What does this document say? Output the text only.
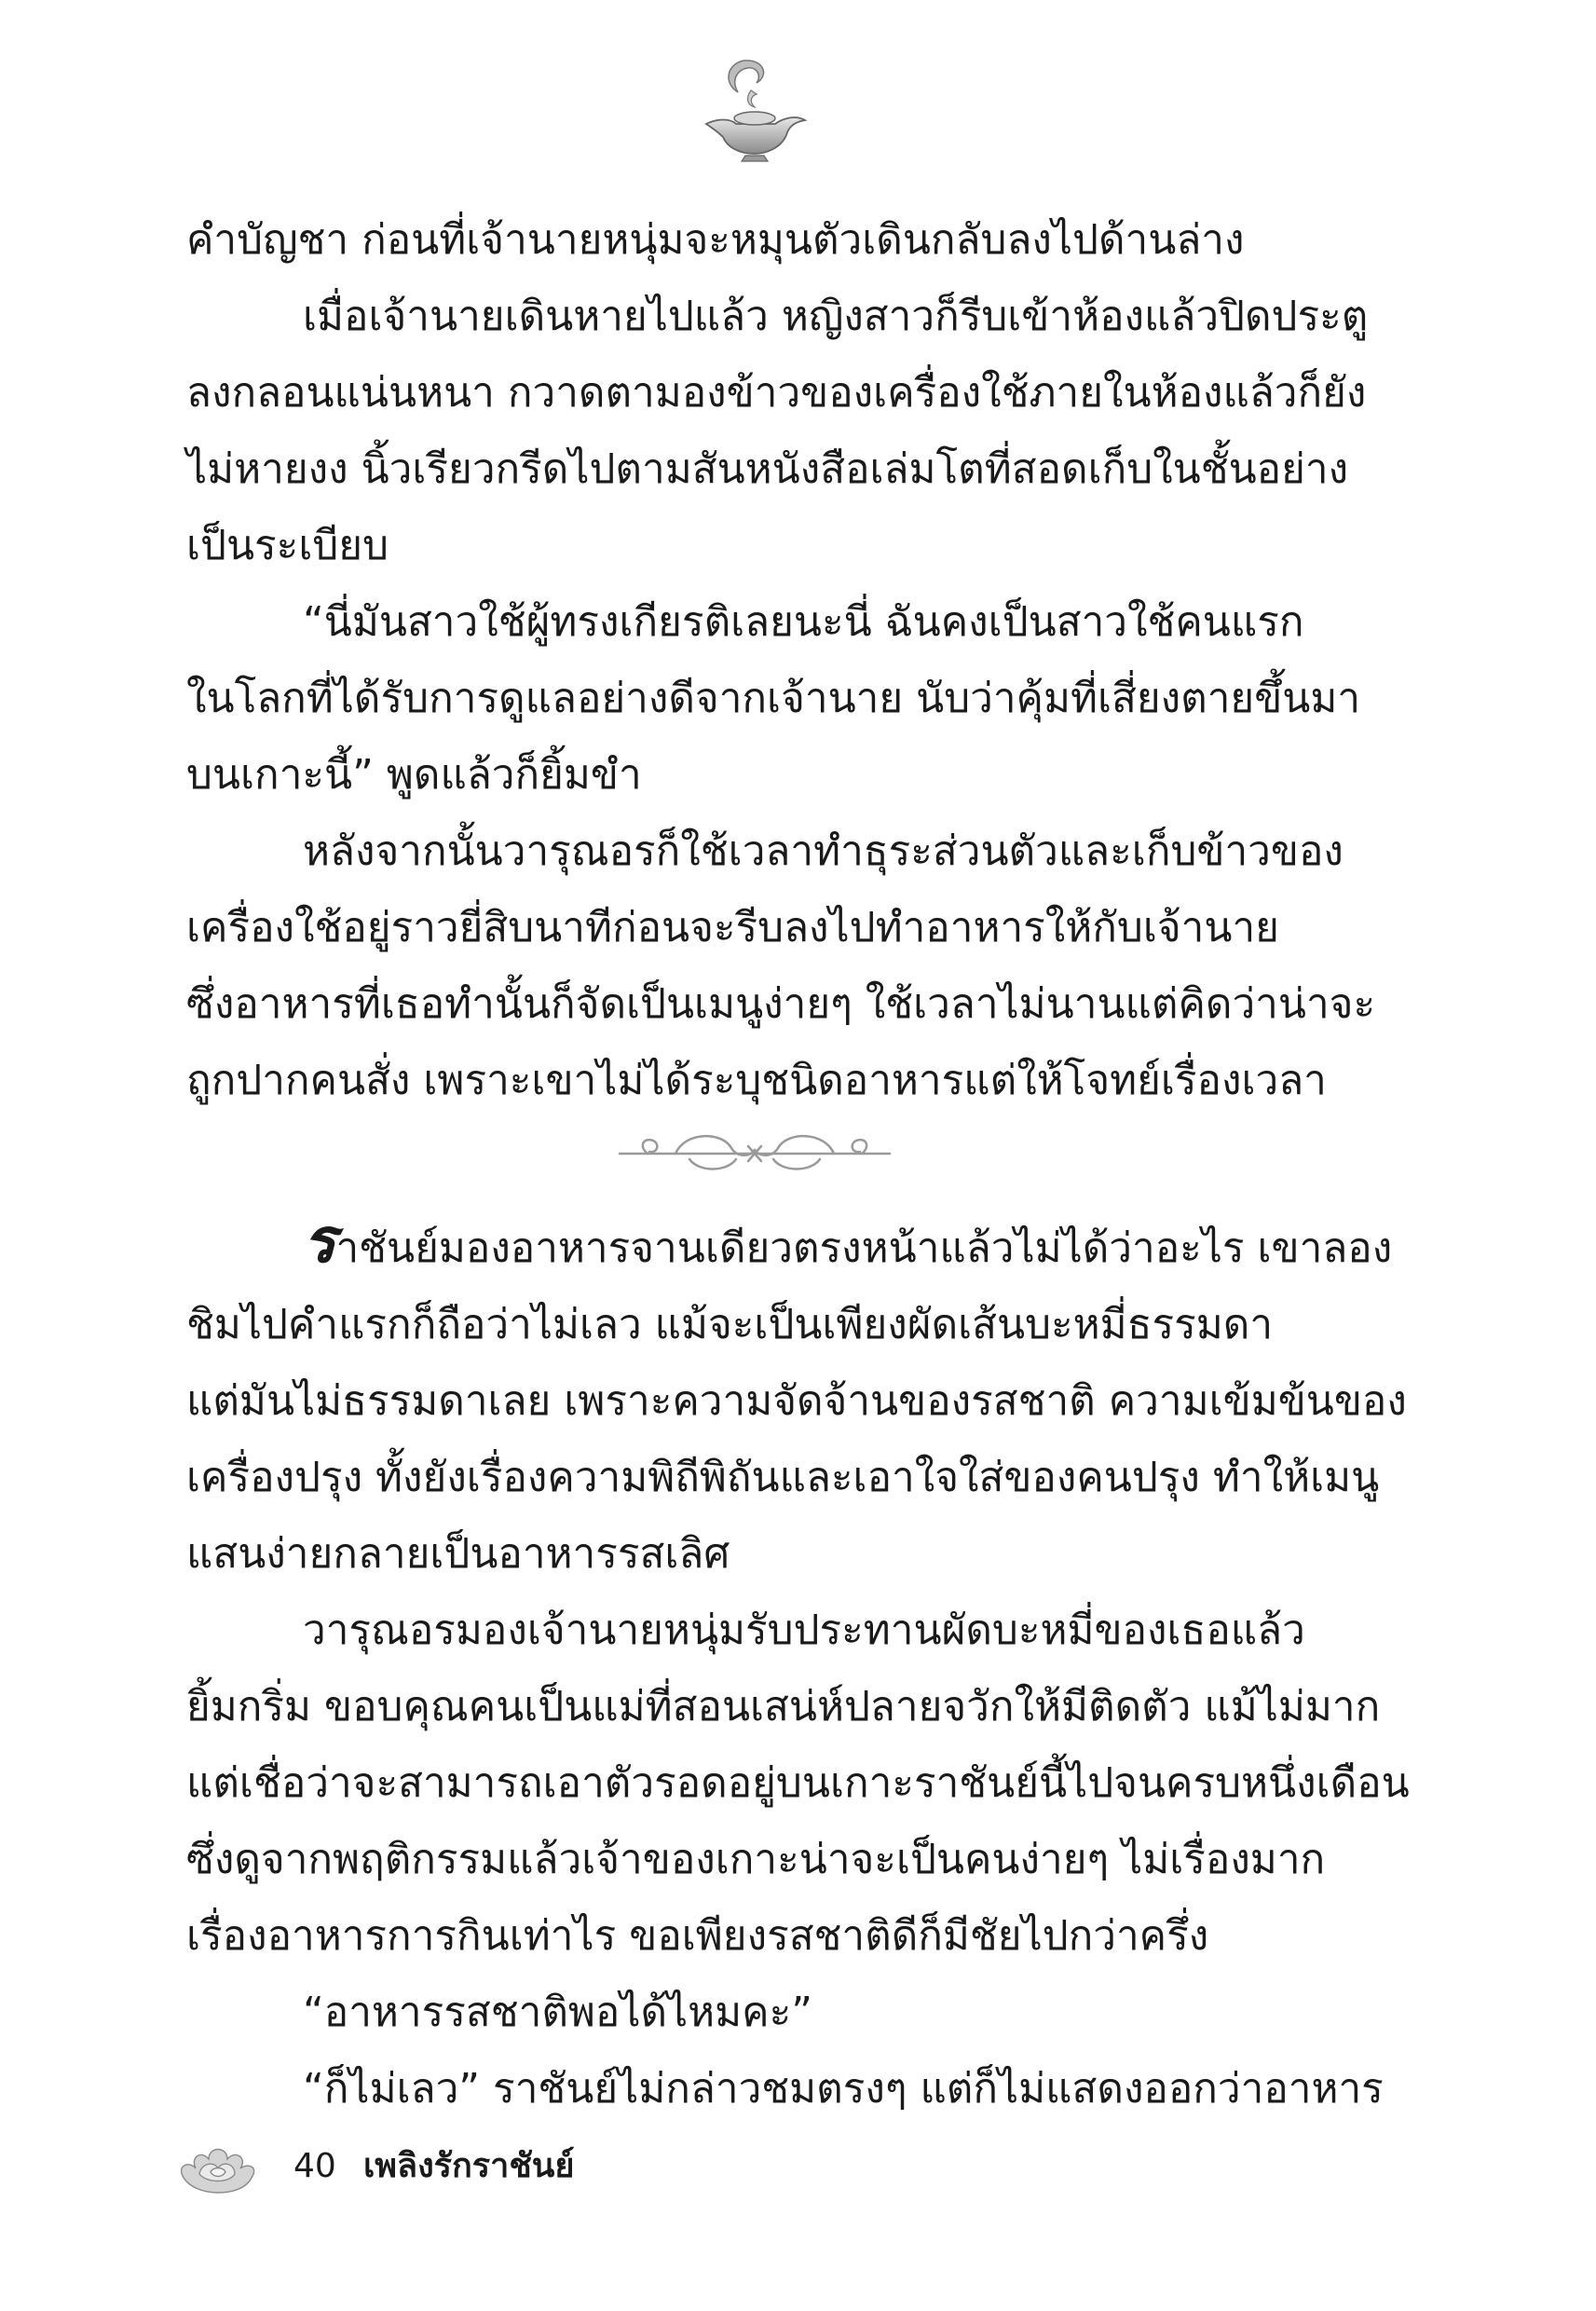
คำบัญชา ก่อนที่เจ้านายหนุ่มจะหมุนตัวเดินกลับลงไปด้านล่าง
เมื่อเจ้านายเดินหายไปแล้ว หญิงสาวก็รีบเข้าห้องแล้วปิดประตู
ลงกลอนแน่นหนา กวาดตามองข้าวของเครื่องใช้ภายในห้องแล้วก็ยัง
ไม่หายงง นิ้วเรียวกรีดไปตามสันหนังสือเล่มโตที่สอดเก็บในชั้นอย่าง
เป็นระเบียบ
“นี่มันสาวใช้ผู้ทรงเกียรติเลยนะนี่ ฉันคงเป็นสาวใช้คนแรก
ในโลกที่ได้รับการดูแลอย่างดีจากเจ้านาย นับว่าคุ้มที่เสี่ยงตายขึ้นมา
บนเกาะนี้” พูดแล้วก็ยิ้มขำ
หลังจากนั้นวารุณอรก็ใช้เวลาทำธุระส่วนตัวและเก็บข้าวของ
เครื่องใช้อยู่ราวยี่สิบนาทีก่อนจะรีบลงไปทำอาหารให้กับเจ้านาย
ซึ่งอาหารที่เธอทำนั้นก็จัดเป็นเมนูง่ายๆ ใช้เวลาไม่นานแต่คิดว่าน่าจะ
ถูกปากคนสั่ง เพราะเขาไม่ได้ระบุชนิดอาหารแต่ให้โจทย์เรื่องเวลา
ราชันย์มองอาหารจานเดียวตรงหน้าแล้วไม่ได้ว่าอะไร เขาลอง
ชิมไปคำแรกก็ถือว่าไม่เลว แม้จะเป็นเพียงผัดเส้นบะหมี่ธรรมดา
แต่มันไม่ธรรมดาเลย เพราะความจัดจ้านของรสชาติ ความเข้มข้นของ
เครื่องปรุง ทั้งยังเรื่องความพิถีพิถันและเอาใจใส่ของคนปรุง ทำให้เมนู
แสนง่ายกลายเป็นอาหารรสเลิศ
วารุณอรมองเจ้านายหนุ่มรับประทานผัดบะหมี่ของเธอแล้ว
ยิ้มกริ่ม ขอบคุณคนเป็นแม่ที่สอนเสน่ห์ปลายจวักให้มีติดตัว แม้ไม่มาก
แต่เชื่อว่าจะสามารถเอาตัวรอดอยู่บนเกาะราชันย์นี้ไปจนครบหนึ่งเดือน
ซึ่งดูจากพฤติกรรมแล้วเจ้าของเกาะน่าจะเป็นคนง่ายๆ ไม่เรื่องมาก
เรื่องอาหารการกินเท่าไร ขอเพียงรสชาติดีก็มีชัยไปกว่าครึ่ง
“อาหารรสชาติพอได้ไหมคะ”
“ก็ไม่เลว” ราชันย์ไม่กล่าวชมตรงๆ แต่ก็ไม่แสดงออกว่าอาหาร
40 เพลิงรักราชันย์
